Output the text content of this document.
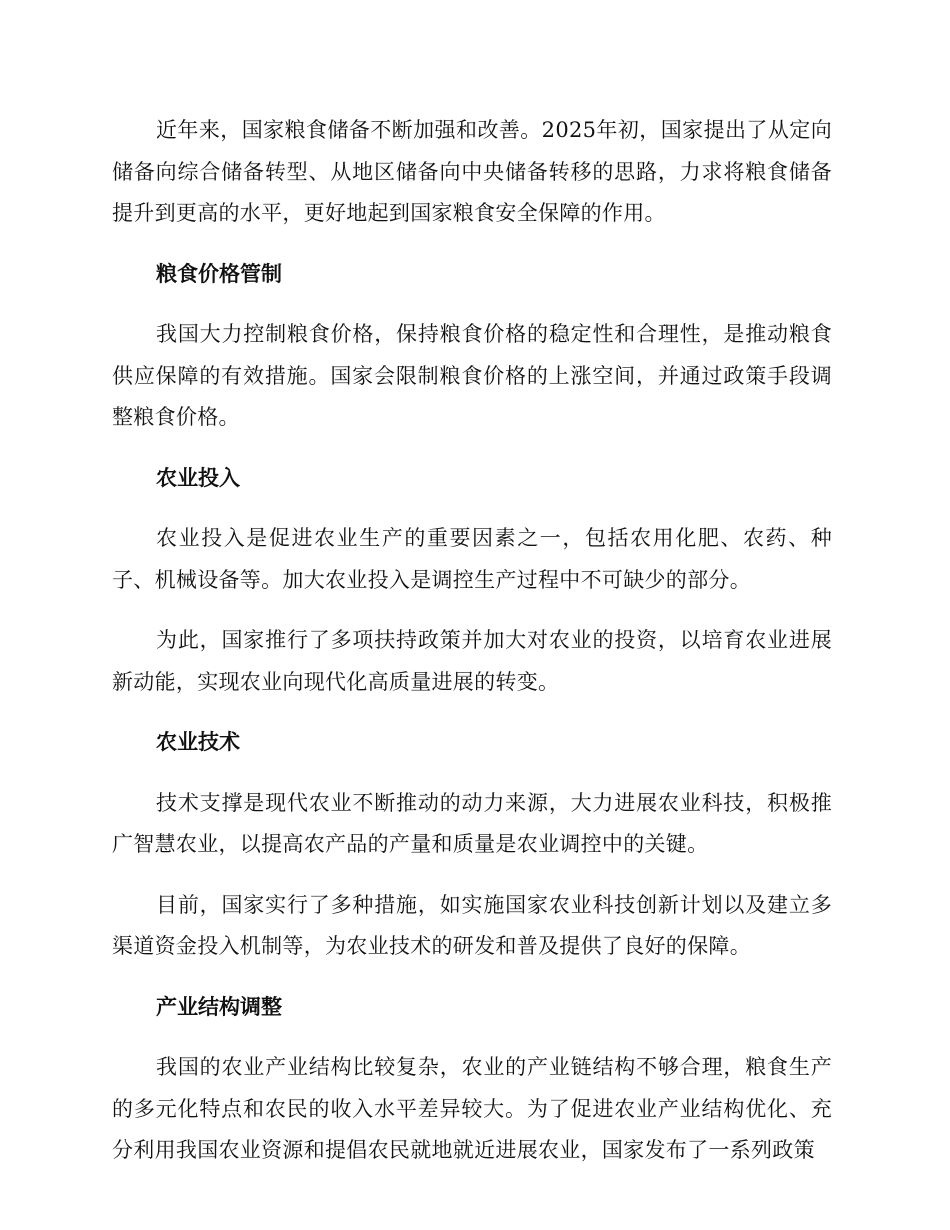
近年来，国家粮食储备不断加强和改善。2025年初，国家提出了从定向储备向综合储备转型、从地区储备向中央储备转移的思路，力求将粮食储备提升到更高的水平，更好地起到国家粮食安全保障的作用。

粮食价格管制

我国大力控制粮食价格，保持粮食价格的稳定性和合理性，是推动粮食供应保障的有效措施。国家会限制粮食价格的上涨空间，并通过政策手段调整粮食价格。

农业投入

农业投入是促进农业生产的重要因素之一，包括农用化肥、农药、种子、机械设备等。加大农业投入是调控生产过程中不可缺少的部分。

为此，国家推行了多项扶持政策并加大对农业的投资，以培育农业进展新动能，实现农业向现代化高质量进展的转变。

农业技术

技术支撑是现代农业不断推动的动力来源，大力进展农业科技，积极推广智慧农业，以提高农产品的产量和质量是农业调控中的关键。

目前，国家实行了多种措施，如实施国家农业科技创新计划以及建立多渠道资金投入机制等，为农业技术的研发和普及提供了良好的保障。

产业结构调整

我国的农业产业结构比较复杂，农业的产业链结构不够合理，粮食生产的多元化特点和农民的收入水平差异较大。为了促进农业产业结构优化、充分利用我国农业资源和提倡农民就地就近进展农业，国家发布了一系列政策
